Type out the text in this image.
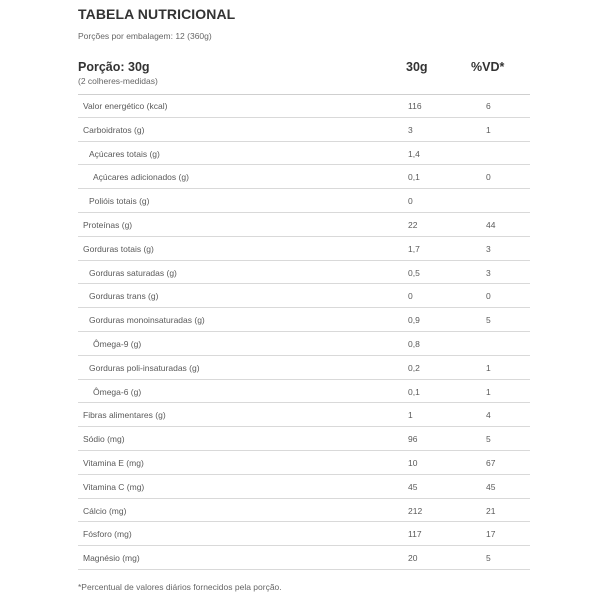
TABELA NUTRICIONAL
Porções por embalagem: 12 (360g)
Porção: 30g
(2 colheres-medidas)
30g	%VD*
Valor energético (kcal)	116	6
Carboidratos (g)	3	1
Açúcares totais (g)	1,4
Açúcares adicionados (g)	0,1	0
Polióis totais (g)	0
Proteínas (g)	22	44
Gorduras totais (g)	1,7	3
Gorduras saturadas (g)	0,5	3
Gorduras trans (g)	0	0
Gorduras monoinsaturadas (g)	0,9	5
Ômega-9 (g)	0,8
Gorduras poli-insaturadas (g)	0,2	1
Ômega-6 (g)	0,1	1
Fibras alimentares (g)	1	4
Sódio (mg)	96	5
Vitamina E (mg)	10	67
Vitamina C (mg)	45	45
Cálcio (mg)	212	21
Fósforo (mg)	117	17
Magnésio (mg)	20	5
*Percentual de valores diários fornecidos pela porção.
